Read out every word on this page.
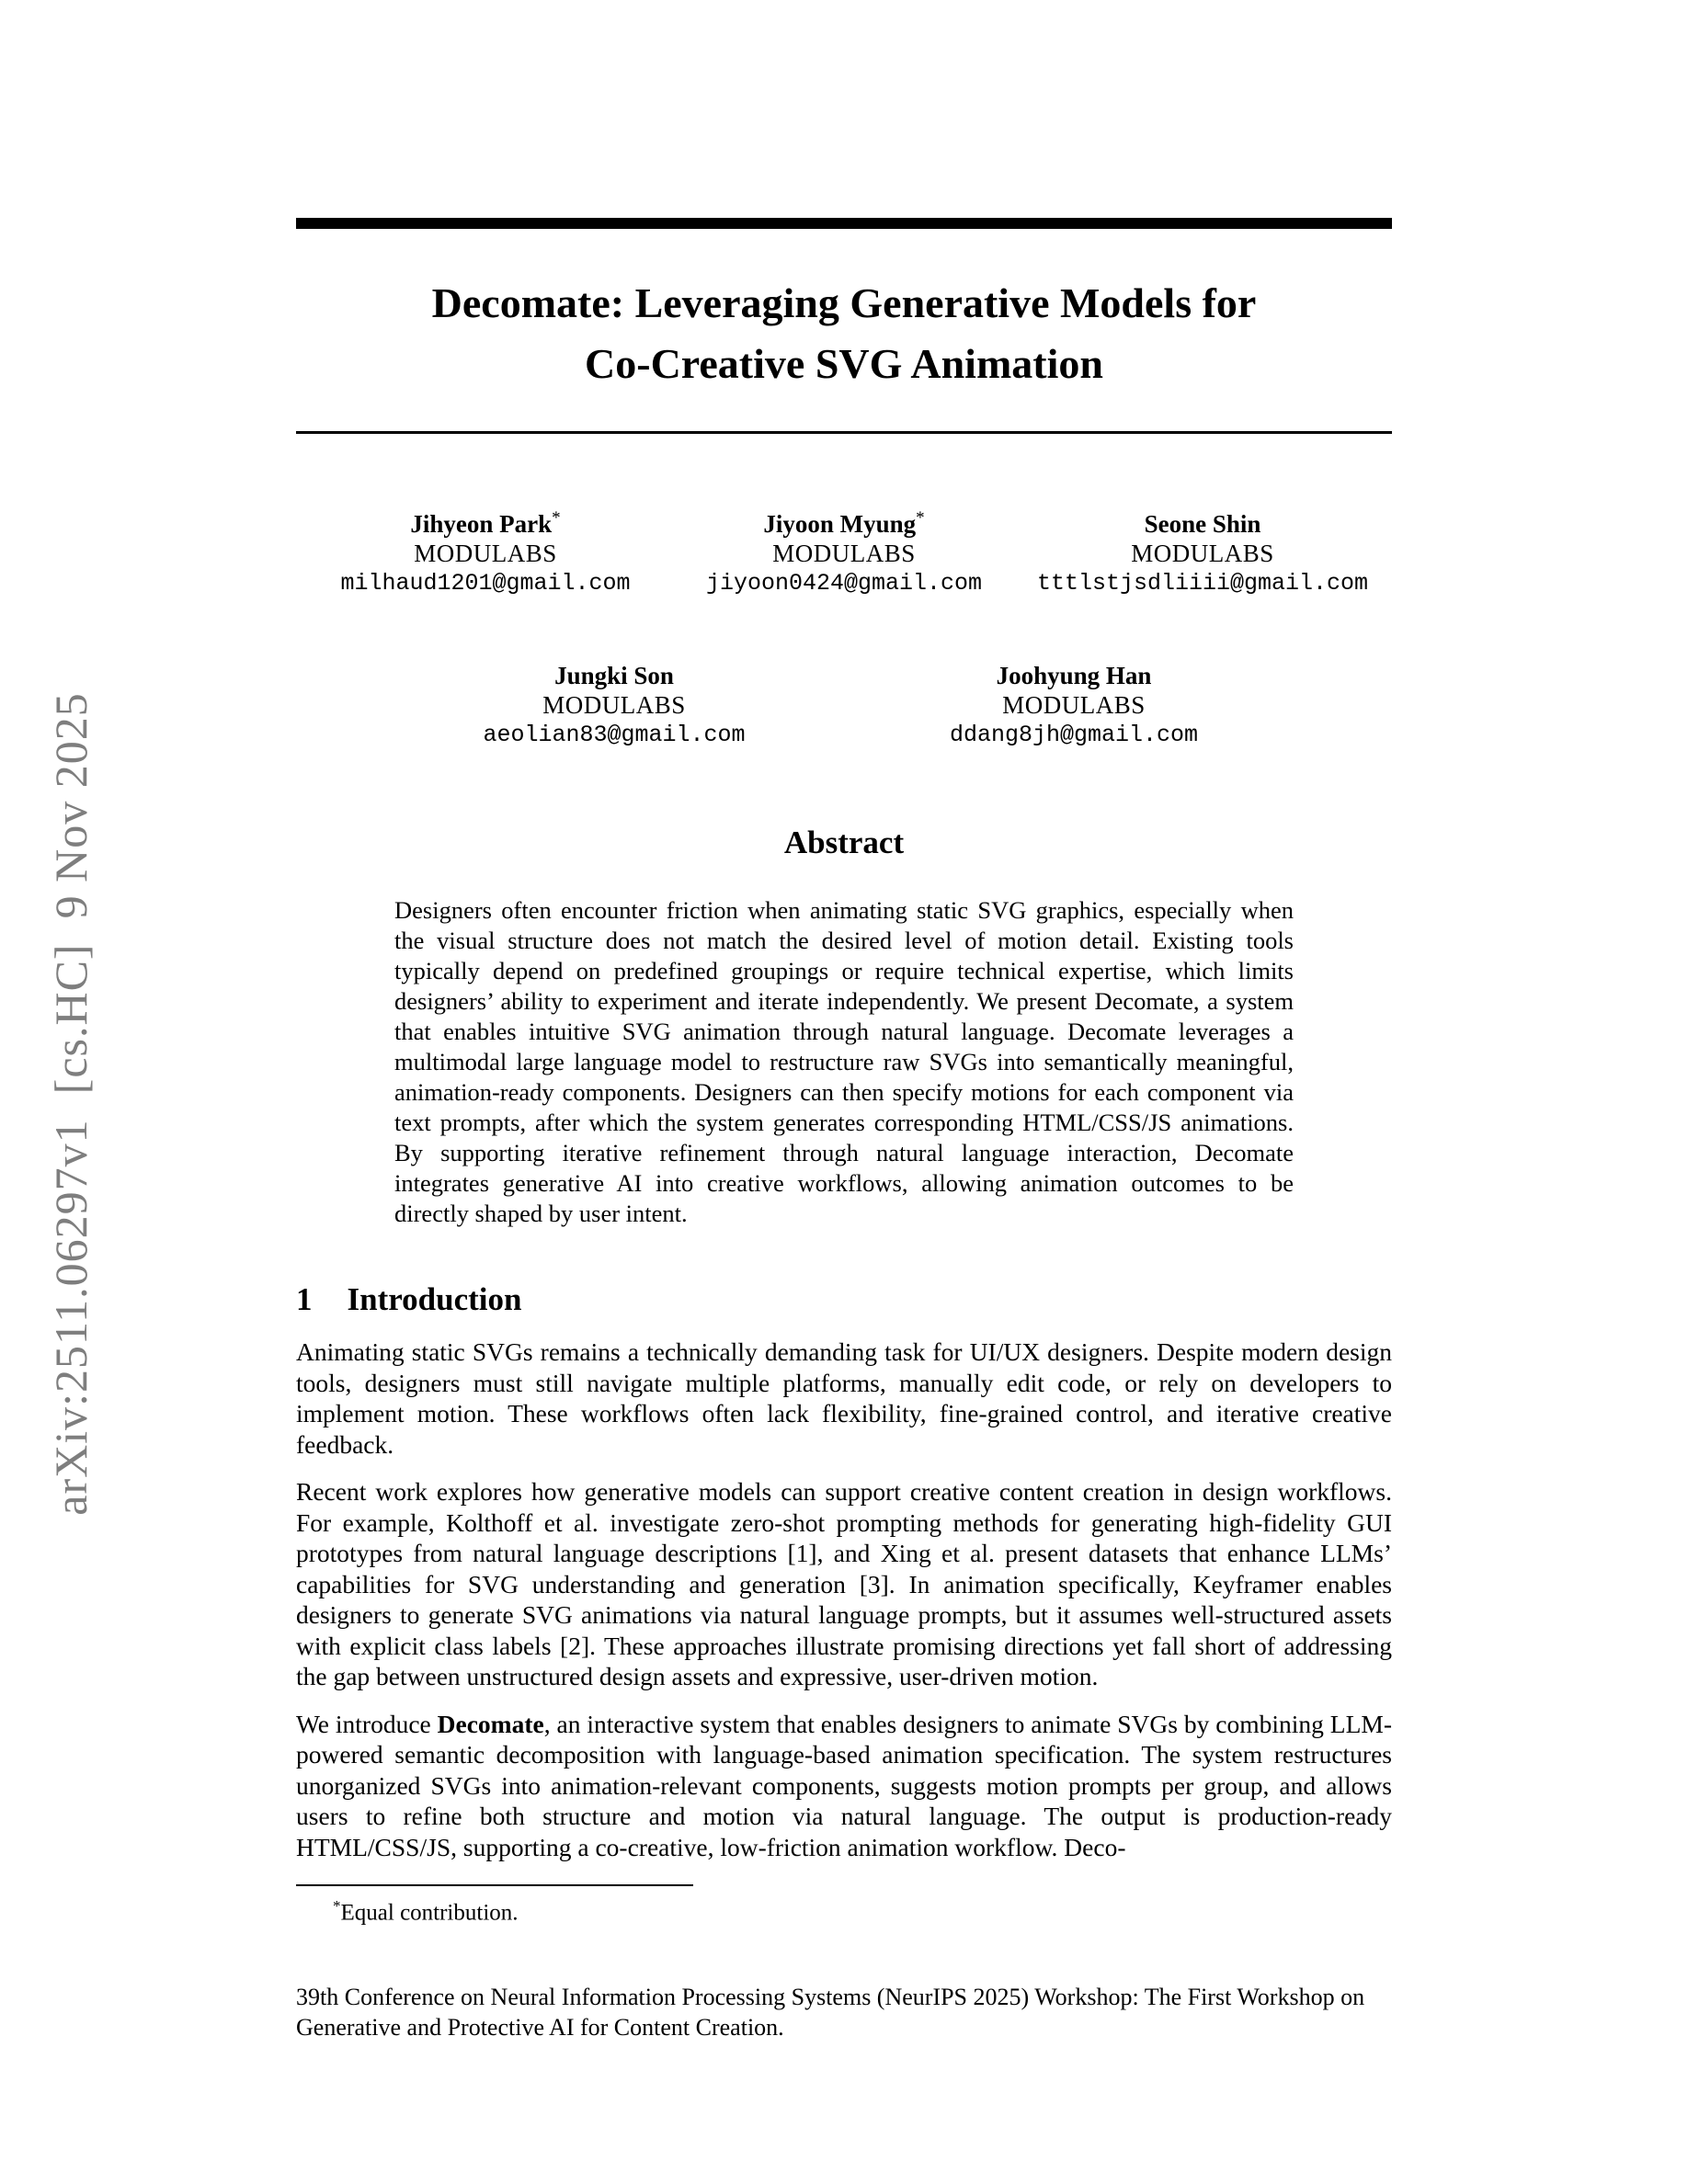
arXiv:2511.06297v1  [cs.HC]  9 Nov 2025
Decomate: Leveraging Generative Models for
Co-Creative SVG Animation
Jihyeon Park*
MODULABS
milhaud1201@gmail.com
Jiyoon Myung*
MODULABS
jiyoon0424@gmail.com
Seone Shin
MODULABS
tttlstjsdliiii@gmail.com
Jungki Son
MODULABS
aeolian83@gmail.com
Joohyung Han
MODULABS
ddang8jh@gmail.com
Abstract

Designers often encounter friction when animating static SVG graphics, especially when the visual structure does not match the desired level of motion detail. Existing tools typically depend on predefined groupings or require technical expertise, which limits designers’ ability to experiment and iterate independently. We present Decomate, a system that enables intuitive SVG animation through natural language. Decomate leverages a multimodal large language model to restructure raw SVGs into semantically meaningful, animation-ready components. Designers can then specify motions for each component via text prompts, after which the system generates corresponding HTML/CSS/JS animations. By supporting iterative refinement through natural language interaction, Decomate integrates generative AI into creative workflows, allowing animation outcomes to be directly shaped by user intent.

1 Introduction

Animating static SVGs remains a technically demanding task for UI/UX designers. Despite modern design tools, designers must still navigate multiple platforms, manually edit code, or rely on developers to implement motion. These workflows often lack flexibility, fine-grained control, and iterative creative feedback.

Recent work explores how generative models can support creative content creation in design workflows. For example, Kolthoff et al. investigate zero-shot prompting methods for generating high-fidelity GUI prototypes from natural language descriptions [1], and Xing et al. present datasets that enhance LLMs’ capabilities for SVG understanding and generation [3]. In animation specifically, Keyframer enables designers to generate SVG animations via natural language prompts, but it assumes well-structured assets with explicit class labels [2]. These approaches illustrate promising directions yet fall short of addressing the gap between unstructured design assets and expressive, user-driven motion.

We introduce Decomate, an interactive system that enables designers to animate SVGs by combining LLM-powered semantic decomposition with language-based animation specification. The system restructures unorganized SVGs into animation-relevant components, suggests motion prompts per group, and allows users to refine both structure and motion via natural language. The output is production-ready HTML/CSS/JS, supporting a co-creative, low-friction animation workflow. Deco-

*Equal contribution.

39th Conference on Neural Information Processing Systems (NeurIPS 2025) Workshop: The First Workshop on
Generative and Protective AI for Content Creation.
